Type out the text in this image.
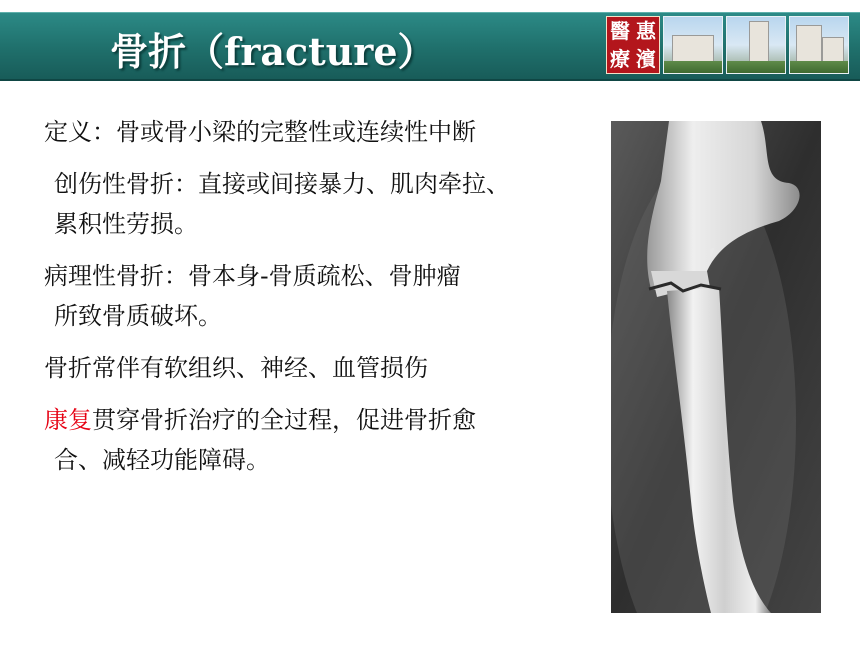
骨折（fracture）	醫 惠
療 濱
定义：骨或骨小梁的完整性或连续性中断
创伤性骨折：直接或间接暴力、肌肉牵拉、
累积性劳损。
病理性骨折：骨本身-骨质疏松、骨肿瘤
所致骨质破坏。
骨折常伴有软组织、神经、血管损伤
康复贯穿骨折治疗的全过程，促进骨折愈
合、减轻功能障碍。
